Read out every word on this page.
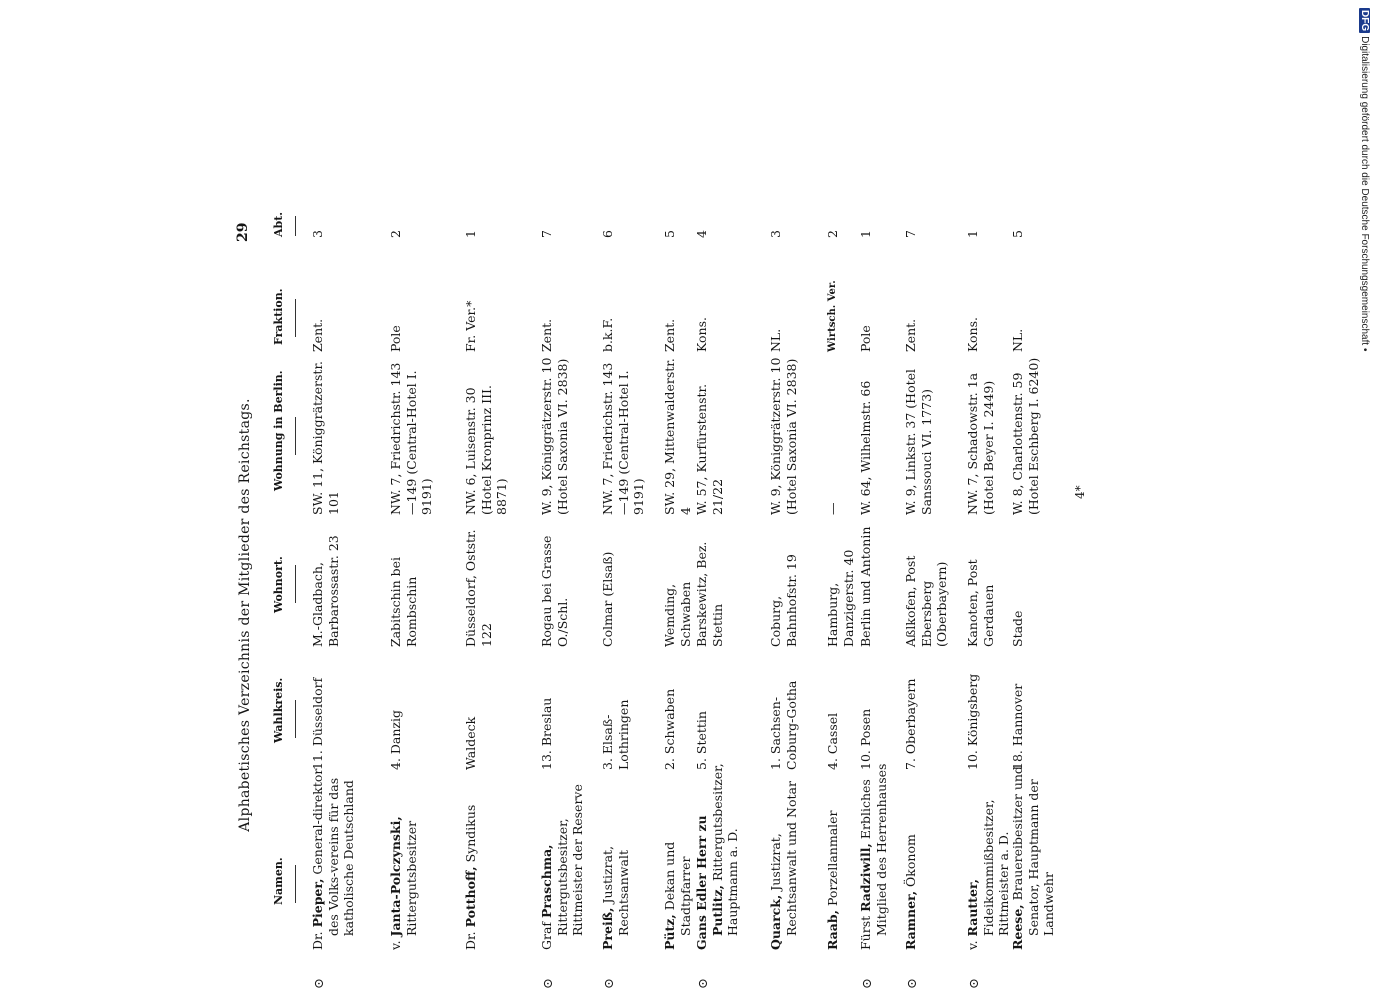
DFGDigitalisierung gefördert durch die Deutsche Forschungsgemeinschaft •
Alphabetisches Verzeichnis der Mitglieder des Reichstags.
29
Namen.
Wahlkreis.
Wohnort.
Wohnung in Berlin.
Fraktion.
Abt.
⊙
Dr. Pieper, General-direktor des Volks-vereins für das katholische Deutschland
11. Düsseldorf
M.-Gladbach, Barbarossastr. 23
SW. 11, Königgrätzerstr. 101
Zent.
3
v. Janta-Polczynski, Rittergutsbesitzer
4. Danzig
Zabitschin bei Rombschin
NW. 7, Friedrichstr. 143—149 (Central-Hotel I. 9191)
Pole
2
Dr. Potthoff, Syndikus
Waldeck
Düsseldorf, Oststr. 122
NW. 6, Luisenstr. 30 (Hotel Kronprinz III. 8871)
Fr. Ver.*
1
⊙
Graf Praschma, Rittergutsbesitzer, Rittmeister der Reserve
13. Breslau
Rogau bei Grasse O./Schl.
W. 9, Königgrätzerstr. 10 (Hotel Saxonia VI. 2838)
Zent.
7
⊙
Preiß, Justizrat, Rechtsanwalt
3. Elsaß-Lothringen
Colmar (Elsaß)
NW. 7, Friedrichstr. 143—149 (Central-Hotel I. 9191)
b.k.F.
6
Pütz, Dekan und Stadtpfarrer
2. Schwaben
Wemding, Schwaben
SW. 29, Mittenwalderstr. 4
Zent.
5
⊙
Gans Edler Herr zu Putlitz, Rittergutsbesitzer, Hauptmann a. D.
5. Stettin
Barskewitz, Bez. Stettin
W. 57, Kurfürstenstr. 21/22
Kons.
4
Quarck, Justizrat, Rechtsanwalt und Notar
1. Sachsen-Coburg-Gotha
Coburg, Bahnhofstr. 19
W. 9, Königgrätzerstr. 10 (Hotel Saxonia VI. 2838)
NL.
3
Raab, Porzellanmaler
4. Cassel
Hamburg, Danzigerstr. 40
—
Wirtsch. Ver.
2
⊙
Fürst Radziwill, Erbliches Mitglied des Herrenhauses
10. Posen
Berlin und Antonin
W. 64, Wilhelmstr. 66
Pole
1
⊙
Ramner, Ökonom
7. Oberbayern
Aßlkofen, Post Ebersberg (Oberbayern)
W. 9, Linkstr. 37 (Hotel Sanssouci VI. 1773)
Zent.
7
⊙
v. Rautter, Fideikommißbesitzer, Rittmeister a. D.
10. Königsberg
Kanoten, Post Gerdauen
NW. 7, Schadowstr. 1a (Hotel Beyer I. 2449)
Kons.
1
Reese, Brauereibesitzer und Senator, Hauptmann der Landwehr
18. Hannover
Stade
W. 8, Charlottenstr. 59 (Hotel Eschberg I. 6240)
NL.
5
4*
